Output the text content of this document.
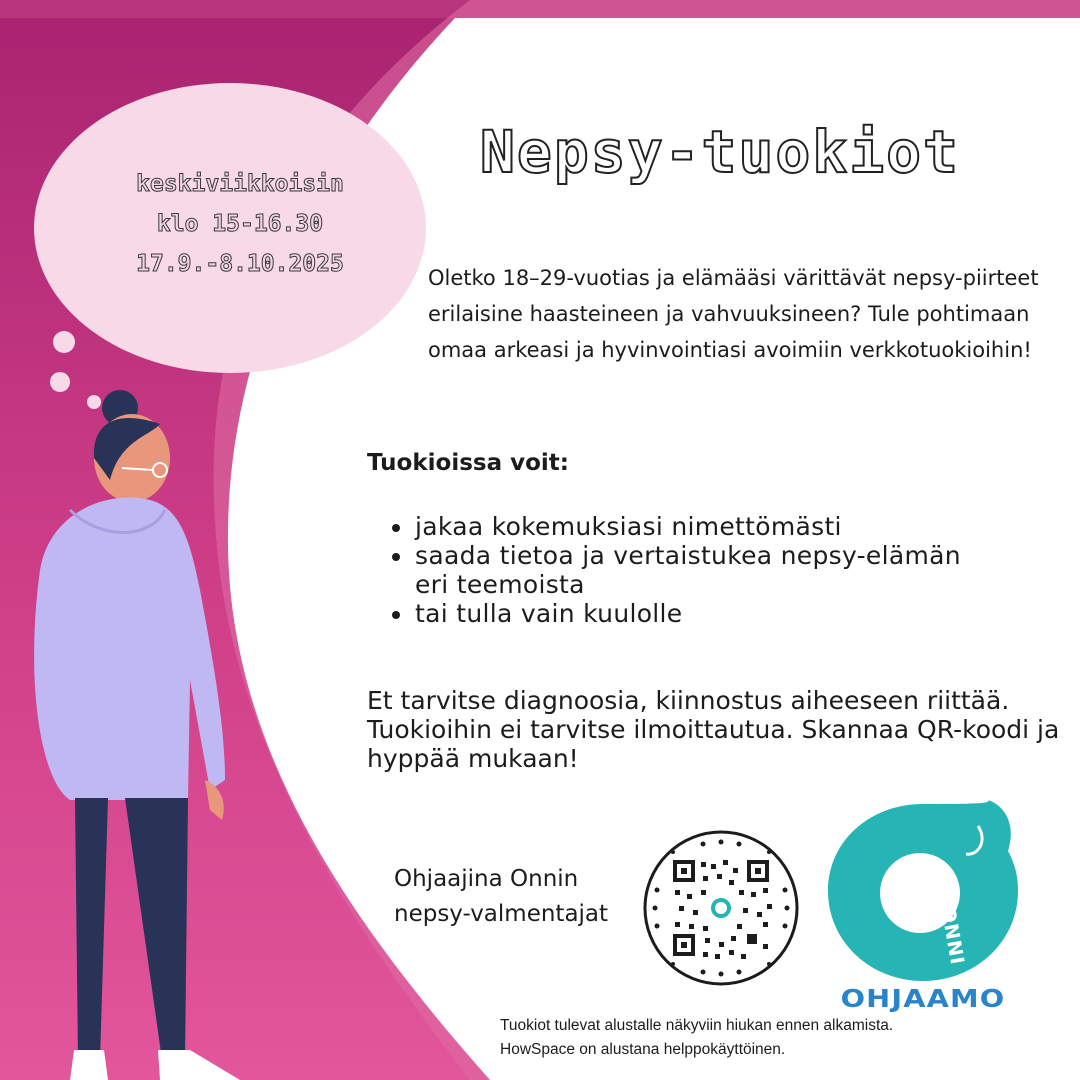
keskiviikkoisin
klo 15-16.30
17.9.-8.10.2025
Nepsy-tuokiot
Oletko 18–29-vuotias ja elämääsi värittävät nepsy-piirteet erilaisine haasteineen ja vahvuuksineen? Tule pohtimaan omaa arkeasi ja hyvinvointiasi avoimiin verkkotuokioihin!
Tuokioissa voit:
• jakaa kokemuksiasi nimettömästi
• saada tietoa ja vertaistukea nepsy-elämän eri teemoista
• tai tulla vain kuulolle
Et tarvitse diagnoosia, kiinnostus aiheeseen riittää. Tuokioihin ei tarvitse ilmoittautua. Skannaa QR-koodi ja hyppää mukaan!
Ohjaajina Onnin nepsy-valmentajat	ONNI
OHJAAMO
Tuokiot tulevat alustalle näkyviin hiukan ennen alkamista.
HowSpace on alustana helppokäyttöinen.
